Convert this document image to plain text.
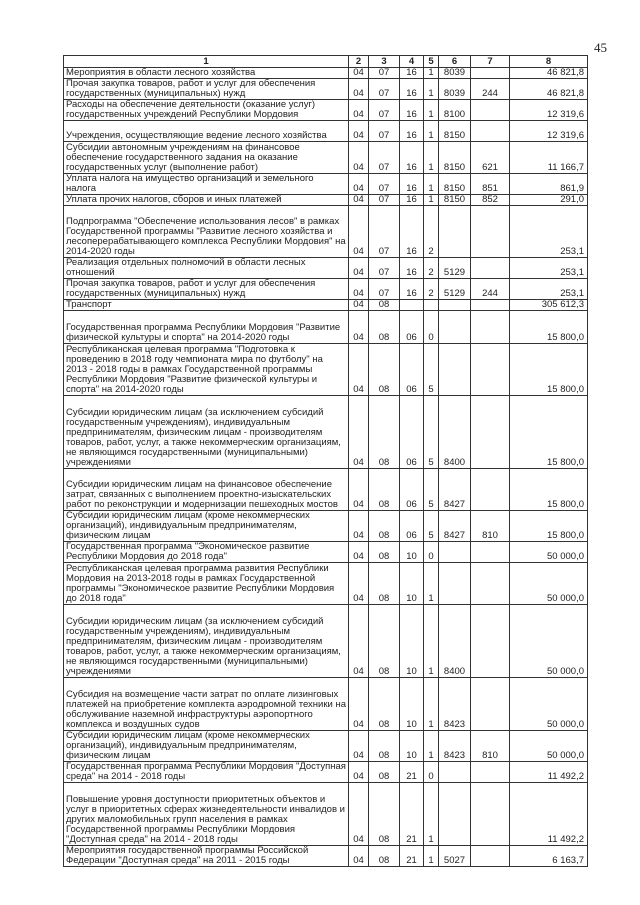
45
1	2	3	4	5	6	7	8
Мероприятия в области лесного хозяйства	04	07	16	1	8039		46 821,8
Прочая закупка товаров, работ и услуг для обеспечения государственных (муниципальных) нужд	04	07	16	1	8039	244	46 821,8
Расходы на обеспечение деятельности (оказание услуг) государственных учреждений Республики Мордовия	04	07	16	1	8100		12 319,6
Учреждения, осуществляющие ведение лесного хозяйства	04	07	16	1	8150		12 319,6
Субсидии автономным учреждениям на финансовое обеспечение государственного задания на оказание государственных услуг (выполнение работ)	04	07	16	1	8150	621	11 166,7
Уплата налога на имущество организаций и земельного налога	04	07	16	1	8150	851	861,9
Уплата прочих налогов, сборов и иных платежей	04	07	16	1	8150	852	291,0
Подпрограмма "Обеспечение использования лесов" в рамках Государственной программы "Развитие лесного хозяйства и лесоперерабатывающего комплекса Республики Мордовия" на 2014-2020 годы	04	07	16	2			253,1
Реализация отдельных полномочий в области лесных отношений	04	07	16	2	5129		253,1
Прочая закупка товаров, работ и услуг для обеспечения государственных (муниципальных) нужд	04	07	16	2	5129	244	253,1
Транспорт	04	08					305 612,3
Государственная программа Республики Мордовия "Развитие физической культуры и спорта" на 2014-2020 годы	04	08	06	0			15 800,0
Республиканская целевая программа "Подготовка к проведению в 2018 году чемпионата мира по футболу" на 2013 - 2018 годы в рамках Государственной программы Республики Мордовия "Развитие физической культуры и спорта" на 2014-2020 годы	04	08	06	5			15 800,0
Субсидии юридическим лицам (за исключением субсидий государственным учреждениям), индивидуальным предпринимателям, физическим лицам - производителям товаров, работ, услуг, а также некоммерческим организациям, не являющимся государственными (муниципальными) учреждениями	04	08	06	5	8400		15 800,0
Субсидии юридическим лицам на финансовое обеспечение затрат, связанных с выполнением проектно-изыскательских работ по реконструкции и модернизации пешеходных мостов	04	08	06	5	8427		15 800,0
Субсидии юридическим лицам (кроме некоммерческих организаций), индивидуальным предпринимателям, физическим лицам	04	08	06	5	8427	810	15 800,0
Государственная программа "Экономическое развитие Республики Мордовия до 2018 года"	04	08	10	0			50 000,0
Республиканская целевая программа развития Республики Мордовия на 2013-2018 годы в рамках Государственной программы "Экономическое развитие Республики Мордовия до 2018 года"	04	08	10	1			50 000,0
Субсидии юридическим лицам (за исключением субсидий государственным учреждениям), индивидуальным предпринимателям, физическим лицам - производителям товаров, работ, услуг, а также некоммерческим организациям, не являющимся государственными (муниципальными) учреждениями	04	08	10	1	8400		50 000,0
Субсидия на возмещение части затрат по оплате лизинговых платежей на приобретение комплекта аэродромной техники на обслуживание наземной инфраструктуры аэропортного комплекса и воздушных судов	04	08	10	1	8423		50 000,0
Субсидии юридическим лицам (кроме некоммерческих организаций), индивидуальным предпринимателям, физическим лицам	04	08	10	1	8423	810	50 000,0
Государственная программа Республики Мордовия "Доступная среда" на 2014 - 2018 годы	04	08	21	0			11 492,2
Повышение уровня доступности приоритетных объектов и услуг в приоритетных сферах жизнедеятельности инвалидов и других маломобильных групп населения в рамках Государственной программы Республики Мордовия "Доступная среда" на 2014 - 2018 годы	04	08	21	1			11 492,2
Мероприятия государственной программы Российской Федерации "Доступная среда" на 2011 - 2015 годы	04	08	21	1	5027		6 163,7
